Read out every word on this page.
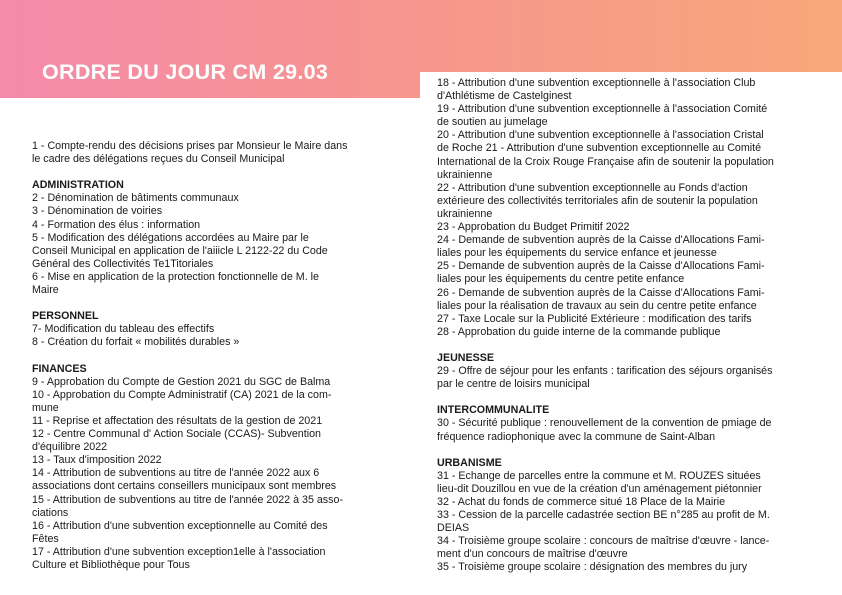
ORDRE DU JOUR CM 29.03
1 - Compte-rendu des décisions prises par Monsieur le Maire dans
le cadre des délégations reçues du Conseil Municipal
ADMINISTRATION
2 - Dénomination de bâtiments communaux
3 - Dénomination de voiries
4 - Formation des élus : information
5 - Modification des délégations accordées au Maire par le
Conseil Municipal en application de l'aiiicle L 2122-22 du Code
Général des Collectivités Te1Titoriales
6 - Mise en application de la protection fonctionnelle de M. le
Maire
PERSONNEL
7- Modification du tableau des effectifs
8 - Création du forfait « mobilités durables »
FINANCES
9 - Approbation du Compte de Gestion 2021 du SGC de Balma
10 - Approbation du Compte Administratif (CA) 2021 de la com-
mune
11 - Reprise et affectation des résultats de la gestion de 2021
12 - Centre Communal d' Action Sociale (CCAS)- Subvention
d'équilibre 2022
13 - Taux d'imposition 2022
14 - Attribution de subventions au titre de l'année 2022 aux 6
associations dont certains conseillers municipaux sont membres
15 - Attribution de subventions au titre de l'année 2022 à 35 asso-
ciations
16 - Attribution d'une subvention exceptionnelle au Comité des
Fêtes
17 - Attribution d'une subvention exception1elle à l'association
Culture et Bibliothèque pour Tous
18 - Attribution d'une subvention exceptionnelle à l'association Club
d'Athlétisme de Castelginest
19 - Attribution d'une subvention exceptionnelle à l'association Comité
de soutien au jumelage
20 - Attribution d'une subvention exceptionnelle à l'association Cristal
de Roche 21 - Attribution d'une subvention exceptionnelle au Comité
International de la Croix Rouge Française afin de soutenir la population
ukrainienne
22 - Attribution d'une subvention exceptionnelle au Fonds d'action
extérieure des collectivités territoriales afin de soutenir la population
ukrainienne
23 - Approbation du Budget Primitif 2022
24 - Demande de subvention auprès de la Caisse d'Allocations Fami-
liales pour les équipements du service enfance et jeunesse
25 - Demande de subvention auprès de la Caisse d'Allocations Fami-
liales pour les équipements du centre petite enfance
26 - Demande de subvention auprès de la Caisse d'Allocations Fami-
liales pour la réalisation de travaux au sein du centre petite enfance
27 - Taxe Locale sur la Publicité Extérieure : modification des tarifs
28 - Approbation du guide interne de la commande publique
JEUNESSE
29 - Offre de séjour pour les enfants : tarification des séjours organisés
par le centre de loisirs municipal
INTERCOMMUNALITE
30 - Sécurité publique : renouvellement de la convention de pmiage de
fréquence radiophonique avec la commune de Saint-Alban
URBANISME
31 - Echange de parcelles entre la commune et M. ROUZES situées
lieu-dit Douzillou en vue de la création d'un aménagement piétonnier
32 - Achat du fonds de commerce situé 18 Place de la Mairie
33 - Cession de la parcelle cadastrée section BE n°285 au profit de M.
DEIAS
34 - Troisième groupe scolaire : concours de maîtrise d'œuvre - lance-
ment d'un concours de maîtrise d'œuvre
35 - Troisième groupe scolaire : désignation des membres du jury
